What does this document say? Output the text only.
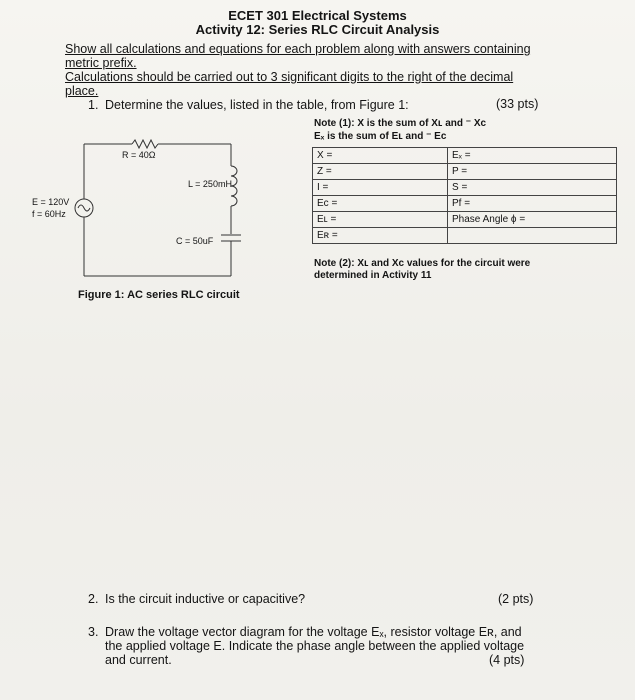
ECET 301 Electrical Systems
Activity 12: Series RLC Circuit Analysis
Show all calculations and equations for each problem along with answers containing metric prefix.
Calculations should be carried out to 3 significant digits to the right of the decimal place.
1. Determine the values, listed in the table, from Figure 1:	(33 pts)
Note (1): X is the sum of Xʟ and ⁻ Xᴄ
Eₓ is the sum of Eʟ and ⁻ Eᴄ
X =	Eₓ =
Z =	P =
I =	S =
Eᴄ =	Pf =
Eʟ =	Phase Angle ϕ =
Eʀ =	
Note (2): Xʟ and Xᴄ values for the circuit were
determined in Activity 11
R = 40Ω
L = 250mH
C = 50uF
E = 120V
f = 60Hz
Figure 1: AC series RLC circuit
2. Is the circuit inductive or capacitive?	(2 pts)
3. Draw the voltage vector diagram for the voltage Eₓ, resistor voltage Eʀ, and the applied voltage E. Indicate the phase angle between the applied voltage and current.	(4 pts)
